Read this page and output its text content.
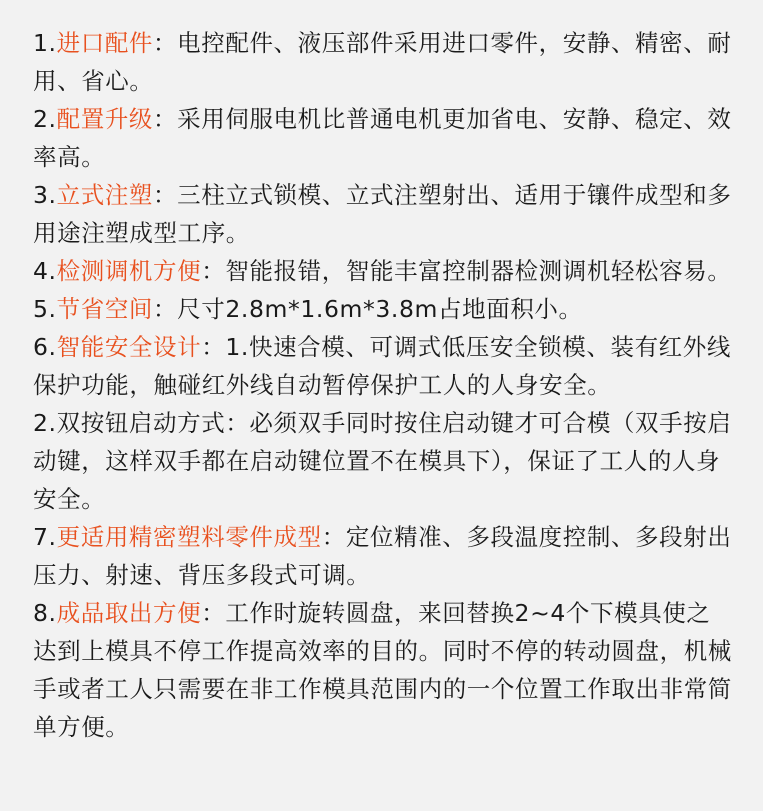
1.进口配件：电控配件、液压部件采用进口零件，安静、精密、耐用、省心。

2.配置升级：采用伺服电机比普通电机更加省电、安静、稳定、效率高。

3.立式注塑：三柱立式锁模、立式注塑射出、适用于镶件成型和多用途注塑成型工序。

4.检测调机方便：智能报错，智能丰富控制器检测调机轻松容易。

5.节省空间：尺寸2.8m*1.6m*3.8m占地面积小。

6.智能安全设计：1.快速合模、可调式低压安全锁模、装有红外线保护功能，触碰红外线自动暂停保护工人的人身安全。

2.双按钮启动方式：必须双手同时按住启动键才可合模（双手按启动键，这样双手都在启动键位置不在模具下），保证了工人的人身安全。

7.更适用精密塑料零件成型：定位精准、多段温度控制、多段射出压力、射速、背压多段式可调。

8.成品取出方便：工作时旋转圆盘，来回替换2~4个下模具使之达到上模具不停工作提高效率的目的。同时不停的转动圆盘，机械手或者工人只需要在非工作模具范围内的一个位置工作取出非常简单方便。
